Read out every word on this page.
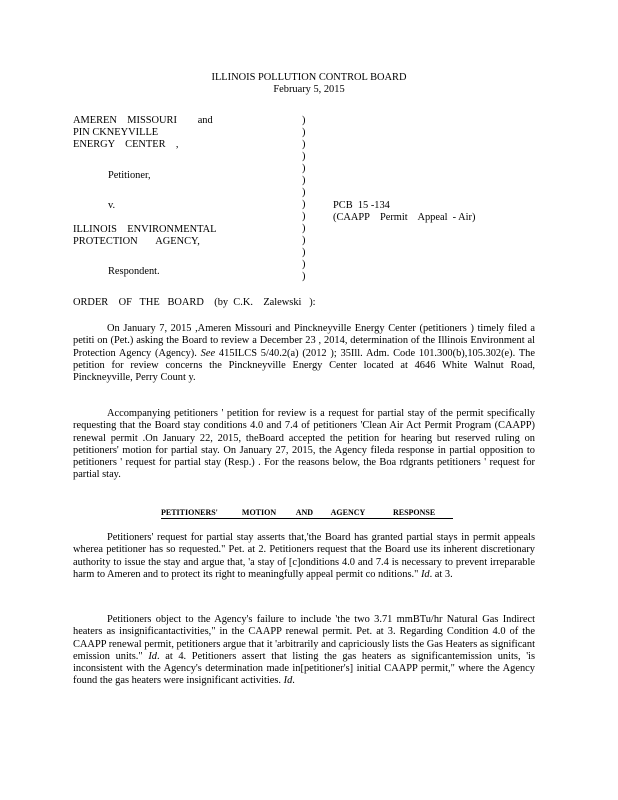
ILLINOIS POLLUTION CONTROL BOARD
February 5, 2015
AMEREN    MISSOURI        and
PIN CKNEYVILLE
ENERGY    CENTER    ,
Petitioner,
v.
ILLINOIS    ENVIRONMENTAL
PROTECTION       AGENCY,
Respondent.
)
)
)
)
)
)
)
)
)
)
)
)
)
)
PCB  15 -134
(CAAPP    Permit    Appeal  - Air)
ORDER    OF   THE   BOARD    (by  C.K.    Zalewski   ):
On January 7, 2015 ,Ameren Missouri and Pinckneyville Energy Center (petitioners ) timely filed a petiti on (Pet.) asking the Board to review a December 23 , 2014, determination of the Illinois Environment al Protection Agency (Agency). See 415ILCS 5/40.2(a) (2012 ); 35Ill. Adm. Code 101.300(b),105.302(e). The petition for review concerns the Pinckneyville Energy Center located at 4646 White Walnut Road, Pinckneyville, Perry Count y.
Accompanying petitioners ' petition for review is a request for partial stay of the permit specifically requesting that the Board stay conditions 4.0 and 7.4 of petitioners 'Clean Air Act Permit Program (CAAPP) renewal permit .On January 22, 2015, theBoard accepted the petition for hearing but reserved ruling on petitioners' motion for partial stay. On January 27, 2015, the Agency fileda response in partial opposition to petitioners ' request for partial stay (Resp.) . For the reasons below, the Boa rdgrants petitioners ' request for partial stay.
PETITIONERS'	MOTION AND AGENCY	RESPONSE
Petitioners' request for partial stay asserts that,'the Board has granted partial stays in permit appeals wherea petitioner has so requested." Pet. at 2. Petitioners request that the Board use its inherent discretionary authority to issue the stay and argue that, 'a stay of [c]onditions 4.0 and 7.4 is necessary to prevent irreparable harm to Ameren and to protect its right to meaningfully appeal permit co nditions." Id. at 3.
Petitioners object to the Agency's failure to include 'the two 3.71 mmBTu/hr Natural Gas Indirect heaters as insignificantactivities," in the CAAPP renewal permit. Pet. at 3. Regarding Condition 4.0 of the CAAPP renewal permit, petitioners argue that it 'arbitrarily and capriciously lists the Gas Heaters as significant emission units." Id. at 4. Petitioners assert that listing the gas heaters as significantemission units, 'is inconsistent with the Agency's determination made in[petitioner's] initial CAAPP permit," where the Agency found the gas heaters were insignificant activities. Id.
